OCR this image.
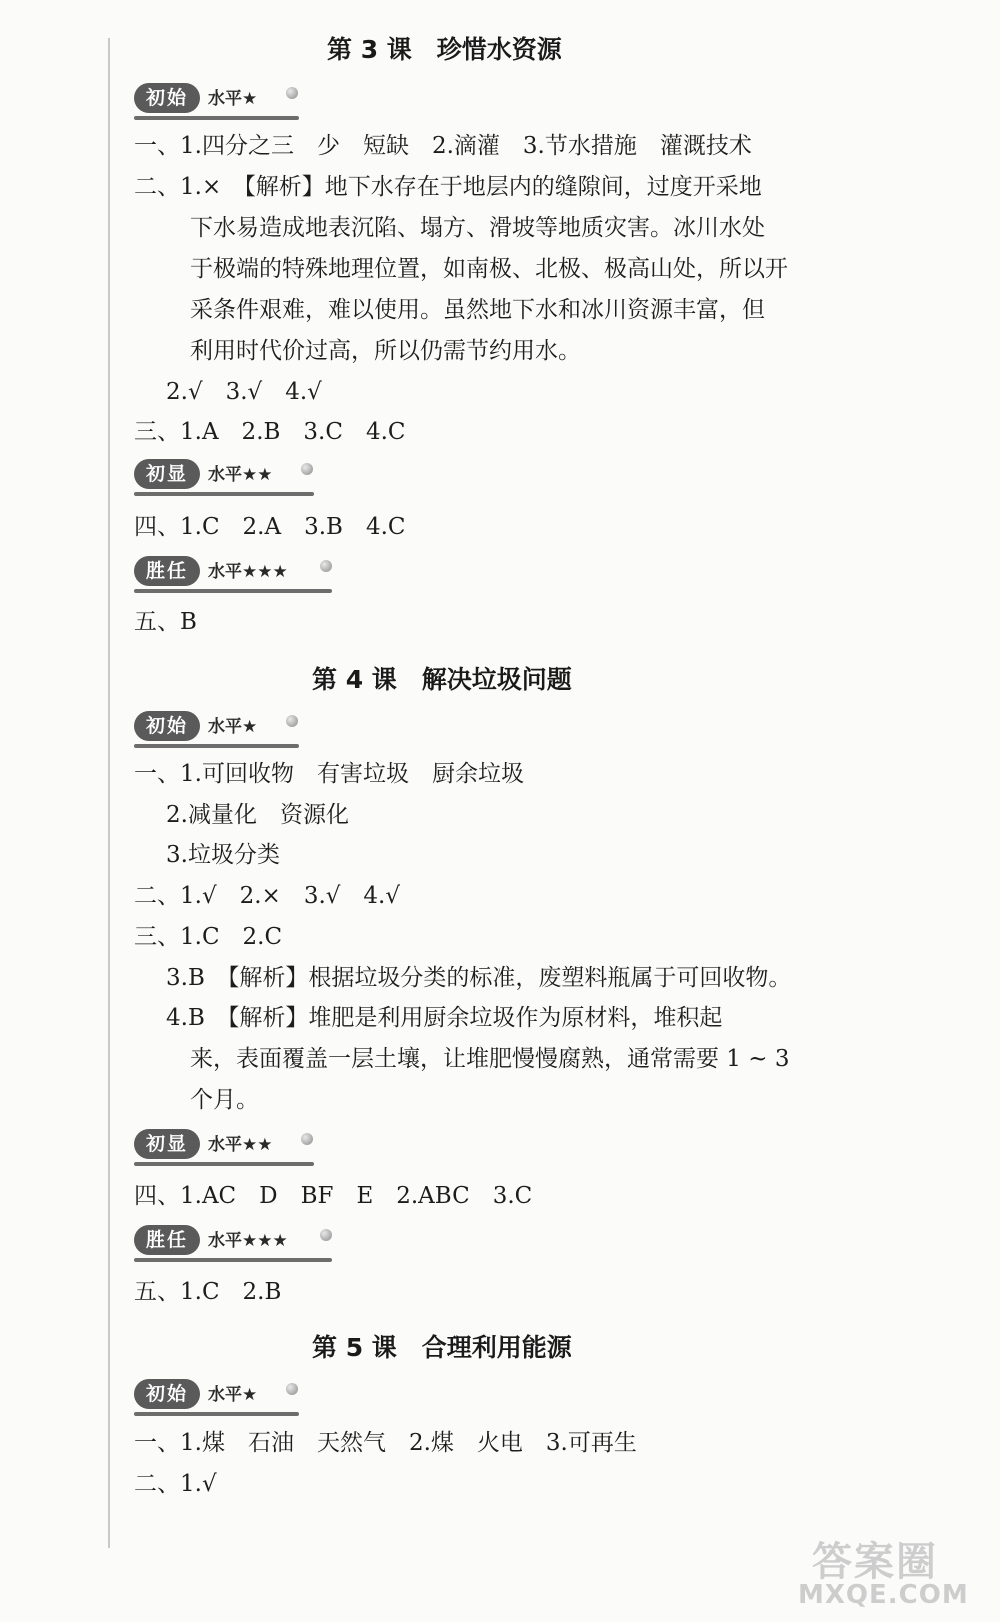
第 3 课　珍惜水资源
初始	水平★
一、1.四分之三　少　短缺　2.滴灌　3.节水措施　灌溉技术
二、1.×　【解析】地下水存在于地层内的缝隙间，过度开采地
下水易造成地表沉陷、塌方、滑坡等地质灾害。冰川水处
于极端的特殊地理位置，如南极、北极、极高山处，所以开
采条件艰难，难以使用。虽然地下水和冰川资源丰富，但
利用时代价过高，所以仍需节约用水。
2.√　3.√　4.√
三、1.A　2.B　3.C　4.C
初显	水平★★
四、1.C　2.A　3.B　4.C
胜任	水平★★★
五、B
第 4 课　解决垃圾问题
初始	水平★
一、1.可回收物　有害垃圾　厨余垃圾
2.减量化　资源化
3.垃圾分类
二、1.√　2.×　3.√　4.√
三、1.C　2.C
3.B　【解析】根据垃圾分类的标准，废塑料瓶属于可回收物。
4.B　【解析】堆肥是利用厨余垃圾作为原材料，堆积起
来，表面覆盖一层土壤，让堆肥慢慢腐熟，通常需要 1 ~ 3
个月。
初显	水平★★
四、1.AC　D　BF　E　2.ABC　3.C
胜任	水平★★★
五、1.C　2.B
第 5 课　合理利用能源
初始	水平★
一、1.煤　石油　天然气　2.煤　火电　3.可再生
二、1.√
答案圈
MXQE.COM
